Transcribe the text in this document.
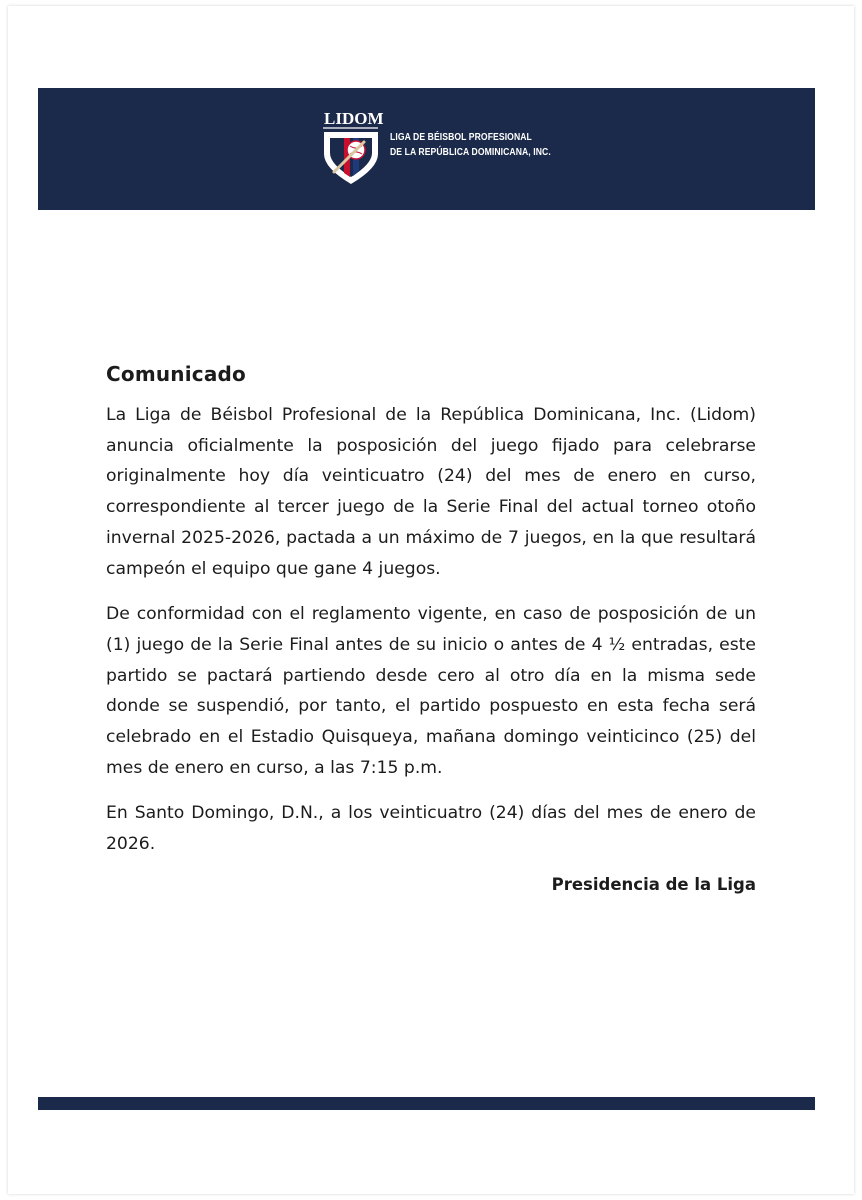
LIDOM
LIGA DE BÉISBOL PROFESIONAL
DE LA REPÚBLICA DOMINICANA, INC.
Comunicado

La Liga de Béisbol Profesional de la República Dominicana, Inc. (Lidom) anuncia oficialmente la posposición del juego fijado para celebrarse originalmente hoy día veinticuatro (24) del mes de enero en curso, correspondiente al tercer juego de la Serie Final del actual torneo otoño invernal 2025-2026, pactada a un máximo de 7 juegos, en la que resultará campeón el equipo que gane 4 juegos.

De conformidad con el reglamento vigente, en caso de posposición de un (1) juego de la Serie Final antes de su inicio o antes de 4 ½ entradas, este partido se pactará partiendo desde cero al otro día en la misma sede donde se suspendió, por tanto, el partido pospuesto en esta fecha será celebrado en el Estadio Quisqueya, mañana domingo veinticinco (25) del mes de enero en curso, a las 7:15 p.m.

En Santo Domingo, D.N., a los veinticuatro (24) días del mes de enero de 2026.

Presidencia de la Liga
